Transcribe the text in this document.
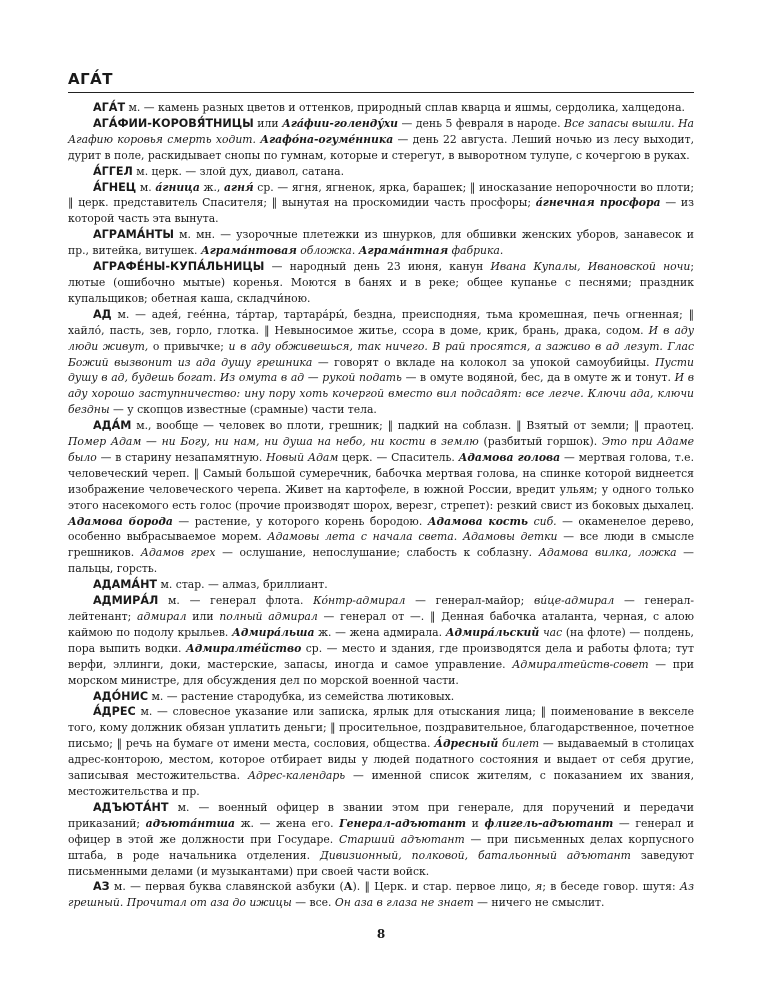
АГА́Т

АГА́Т м. — камень разных цветов и оттенков, природный сплав кварца и яшмы, сердолика, халцедона.

АГА́ФИИ-КОРОВЯ́ТНИЦЫ или Ага́фии-голенду́хи — день 5 февраля в народе. Все запасы вышли. На Агафию коровья смерть ходит. Агафо́на-огуме́нника — день 22 августа. Леший ночью из лесу выходит, дурит в поле, раскидывает снопы по гумнам, которые и стерегут, в выворотном тулупе, с кочергою в руках.

А́ГГЕЛ м. церк. — злой дух, диавол, сатана.

А́ГНЕЦ м. а́гница ж., агня́ ср. — ягня, ягненок, ярка, барашек; ‖ иносказание непорочности во плоти; ‖ церк. представитель Спасителя; ‖ вынутая на проскомидии часть просфоры; а́гнечная просфора — из которой часть эта вынута.

АГРАМА́НТЫ м. мн. — узорочные плетежки из шнурков, для обшивки женских уборов, занавесок и пр., витейка, витушек. Аграма́нтовая обложка. Аграма́нтная фабрика.

АГРАФЕ́НЫ-КУПА́ЛЬНИЦЫ — народный день 23 июня, канун Ивана Купалы, Ивановской ночи; лютые (ошибочно мытые) коренья. Моются в банях и в реке; общее купанье с песнями; праздник купальщиков; обетная каша, складчи́ною.

АД м. — адея́, гее́нна, та́ртар, тартара́ры́, бездна, преисподняя, тьма кромешная, печь огненная; ‖ хайло́, пасть, зев, горло, глотка. ‖ Невыносимое житье, ссора в доме, крик, брань, драка, содом. И в аду люди живут, о привычке; и в аду обживешься, так ничего. В рай просятся, а заживо в ад лезут. Глас Божий вызвонит из ада душу грешника — говорят о вкладе на колокол за упокой самоубийцы. Пусти душу в ад, будешь богат. Из омута в ад — рукой подать — в омуте водяной, бес, да в омуте ж и тонут. И в аду хорошо заступничество: ину пору хоть кочергой вместо вил подсадят: все легче. Ключи ада, ключи бездны — у скопцов известные (срамные) части тела.

АДА́М м., вообще — человек во плоти, грешник; ‖ падкий на соблазн. ‖ Взятый от земли; ‖ праотец. Помер Адам — ни Богу, ни нам, ни душа на небо, ни кости в землю (разбитый горшок). Это при Адаме было — в старину незапамятную. Новый Адам церк. — Спаситель. Адамова голова — мертвая голова, т.е. человеческий череп. ‖ Самый большой сумеречник, бабочка мертвая голова, на спинке которой виднеется изображение человеческого черепа. Живет на картофеле, в южной России, вредит ульям; у одного только этого насекомого есть голос (прочие производят шорох, верезг, стрепет): резкий свист из боковых дыхалец. Адамова борода — растение, у которого корень бородою. Адамова кость сиб. — окаменелое дерево, особенно выбрасываемое морем. Адамовы лета с начала света. Адамовы детки — все люди в смысле грешников. Адамов грех — ослушание, непослушание; слабость к соблазну. Адамова вилка, ложка — пальцы, горсть.

АДАМА́НТ м. стар. — алмаз, бриллиант.

АДМИРА́Л м. — генерал флота. Ко́нтр-адмирал — генерал-майор; ви́це-адмирал — генерал-лейтенант; адмирал или полный адмирал — генерал от —. ‖ Денная бабочка аталанта, черная, с алою каймою по подолу крыльев. Адмира́льша ж. — жена адмирала. Адмира́льский час (на флоте) — полдень, пора выпить водки. Адмиралте́йство ср. — место и здания, где производятся дела и работы флота; тут верфи, эллинги, доки, мастерские, запасы, иногда и самое управление. Адмиралтейств-совет — при морском министре, для обсуждения дел по морской военной части.

АДО́НИС м. — растение стародубка, из семейства лютиковых.

А́ДРЕС м. — словесное указание или записка, ярлык для отыскания лица; ‖ поименование в векселе того, кому должник обязан уплатить деньги; ‖ просительное, поздравительное, благодарственное, почетное письмо; ‖ речь на бумаге от имени места, сословия, общества. А́дресный билет — выдаваемый в столицах адрес-конторою, местом, которое отбирает виды у людей податного состояния и выдает от себя другие, записывая местожительства. Адрес-календарь — именной список жителям, с показанием их звания, местожительства и пр.

АДЪЮТА́НТ м. — военный офицер в звании этом при генерале, для поручений и передачи приказаний; адъюта́нтша ж. — жена его. Генерал-адъютант и флигель-адъютант — генерал и офицер в этой же должности при Государе. Старший адъютант — при письменных делах корпусного штаба, в роде начальника отделения. Дивизионный, полковой, батальонный адъютант заведуют письменными делами (и музыкантами) при своей части войск.

АЗ м. — первая буква славянской азбуки (А). ‖ Церк. и стар. первое лицо, я; в беседе говор. шутя: Аз грешный. Прочитал от аза до ижицы — все. Он аза в глаза не знает — ничего не смыслит.

8
